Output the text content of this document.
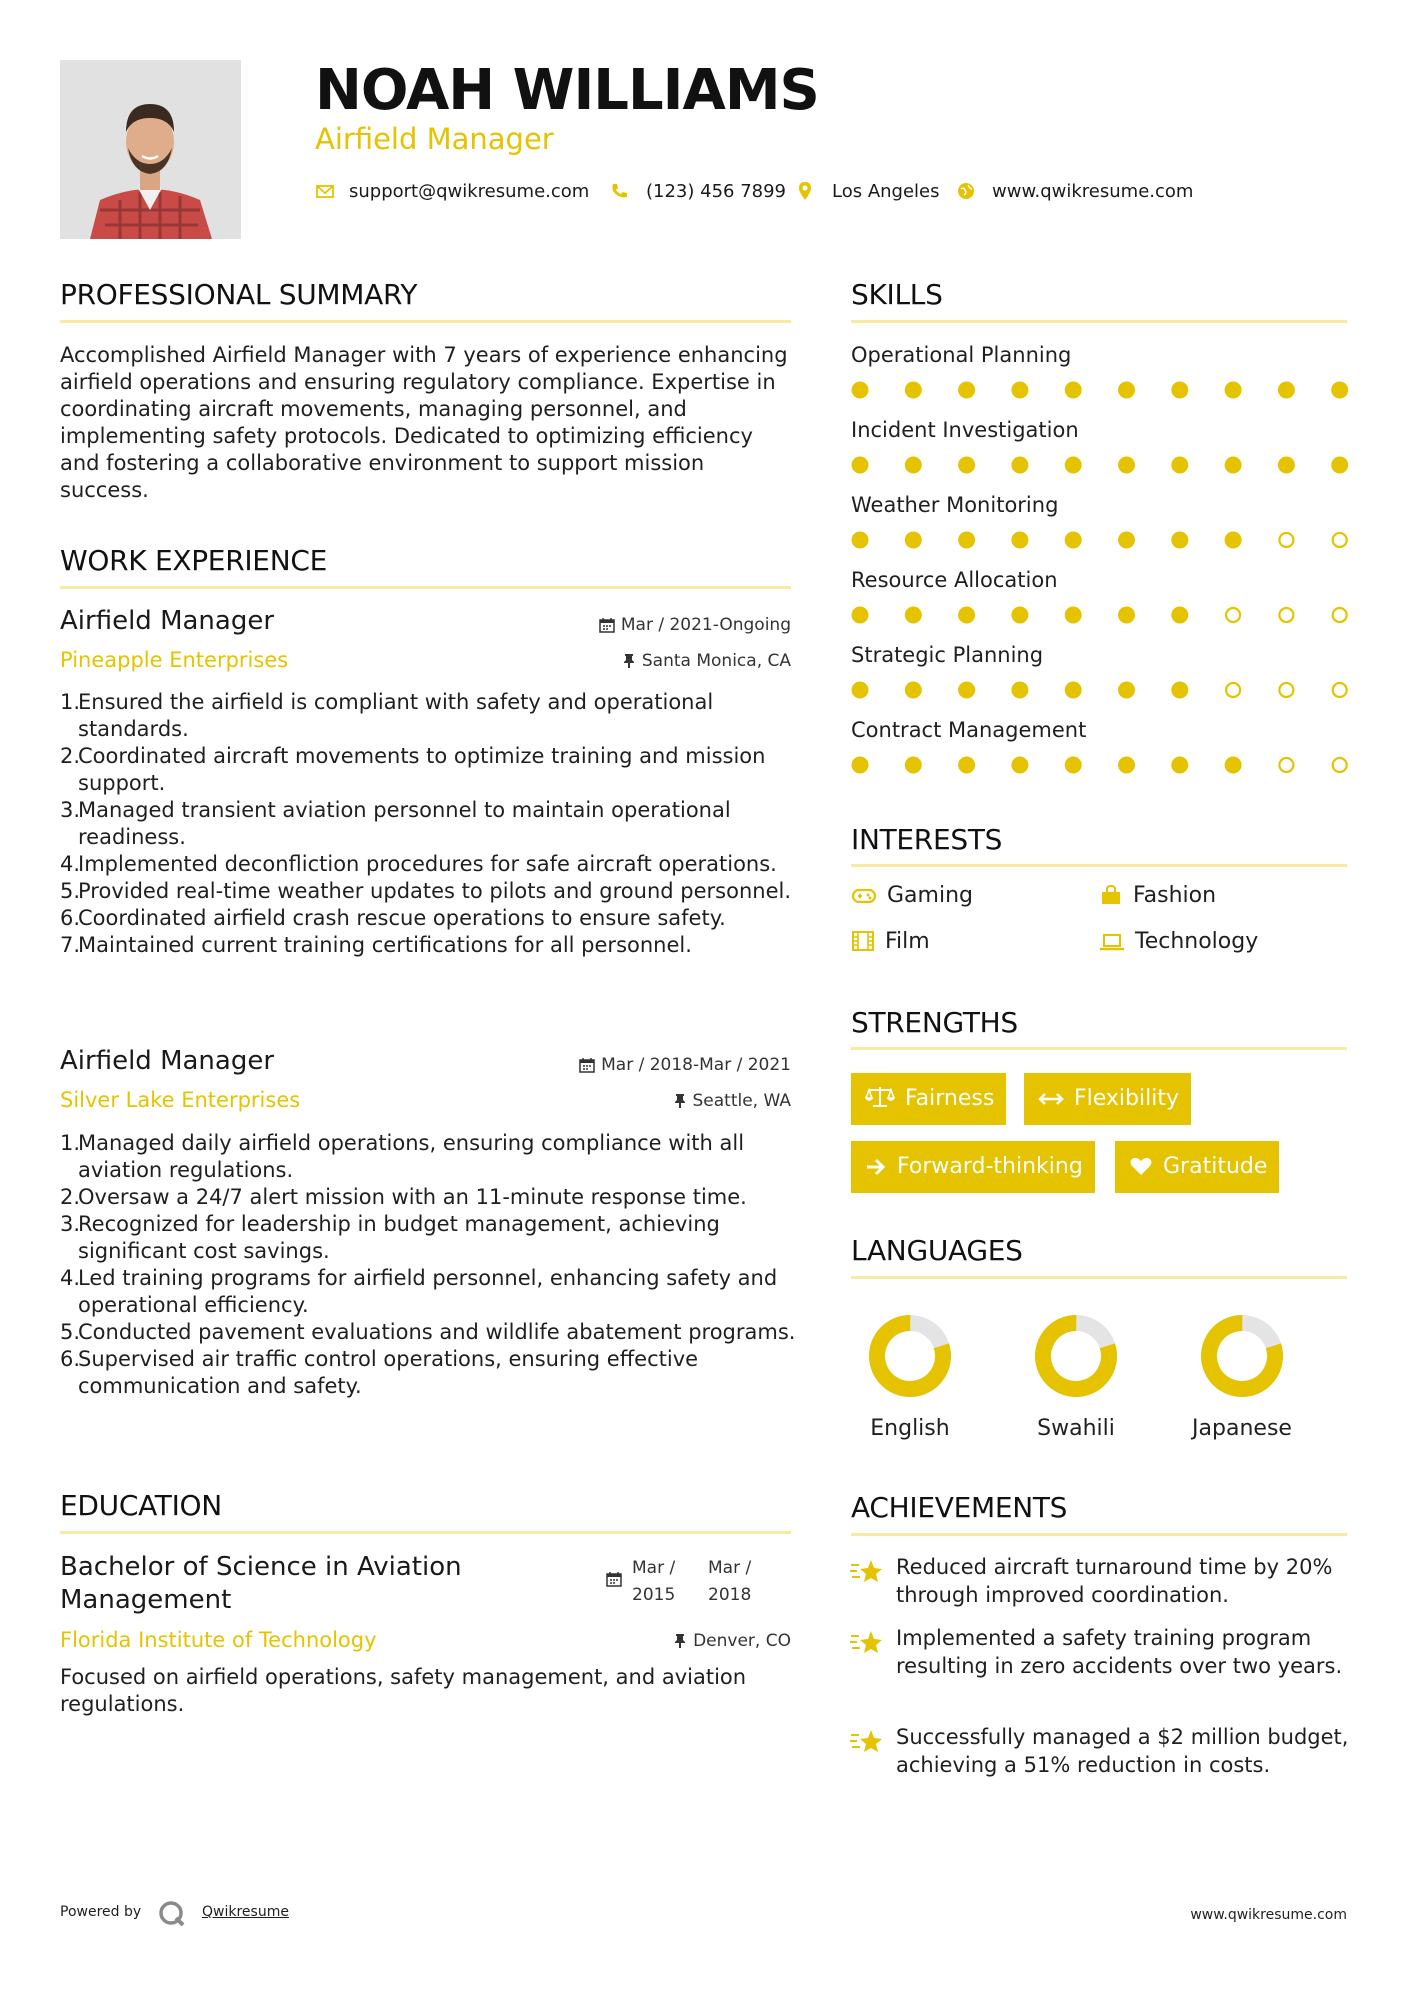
NOAH WILLIAMS
Airfield Manager
support@qwikresume.com	(123) 456 7899	Los Angeles	www.qwikresume.com
PROFESSIONAL SUMMARY
Accomplished Airfield Manager with 7 years of experience enhancing airfield operations and ensuring regulatory compliance. Expertise in coordinating aircraft movements, managing personnel, and implementing safety protocols. Dedicated to optimizing efficiency and fostering a collaborative environment to support mission success.
WORK EXPERIENCE
Airfield Manager	Mar / 2021-Ongoing
Pineapple Enterprises	Santa Monica, CA
1.
Ensured the airfield is compliant with safety and operational standards.
2.
Coordinated aircraft movements to optimize training and mission support.
3.
Managed transient aviation personnel to maintain operational readiness.
4.
Implemented deconfliction procedures for safe aircraft operations.
5.
Provided real-time weather updates to pilots and ground personnel.
6.
Coordinated airfield crash rescue operations to ensure safety.
7.
Maintained current training certifications for all personnel.
Airfield Manager	Mar / 2018-Mar / 2021
Silver Lake Enterprises	Seattle, WA
1.
Managed daily airfield operations, ensuring compliance with all aviation regulations.
2.
Oversaw a 24/7 alert mission with an 11-minute response time.
3.
Recognized for leadership in budget management, achieving significant cost savings.
4.
Led training programs for airfield personnel, enhancing safety and operational efficiency.
5.
Conducted pavement evaluations and wildlife abatement programs.
6.
Supervised air traffic control operations, ensuring effective communication and safety.
EDUCATION
Bachelor of Science in Aviation Management
Mar / 2015
Mar / 2018
Florida Institute of Technology	Denver, CO
Focused on airfield operations, safety management, and aviation regulations.
SKILLS
Operational Planning
Incident Investigation
Weather Monitoring
Resource Allocation
Strategic Planning
Contract Management
INTERESTS
Gaming	Fashion
Film	Technology
STRENGTHS
Fairness	Flexibility
Forward-thinking	Gratitude
LANGUAGES
English	Swahili	Japanese
ACHIEVEMENTS
Reduced aircraft turnaround time by 20% through improved coordination.
Implemented a safety training program resulting in zero accidents over two years.
Successfully managed a $2 million budget, achieving a 51% reduction in costs.
Powered by	Qwikresume	www.qwikresume.com
